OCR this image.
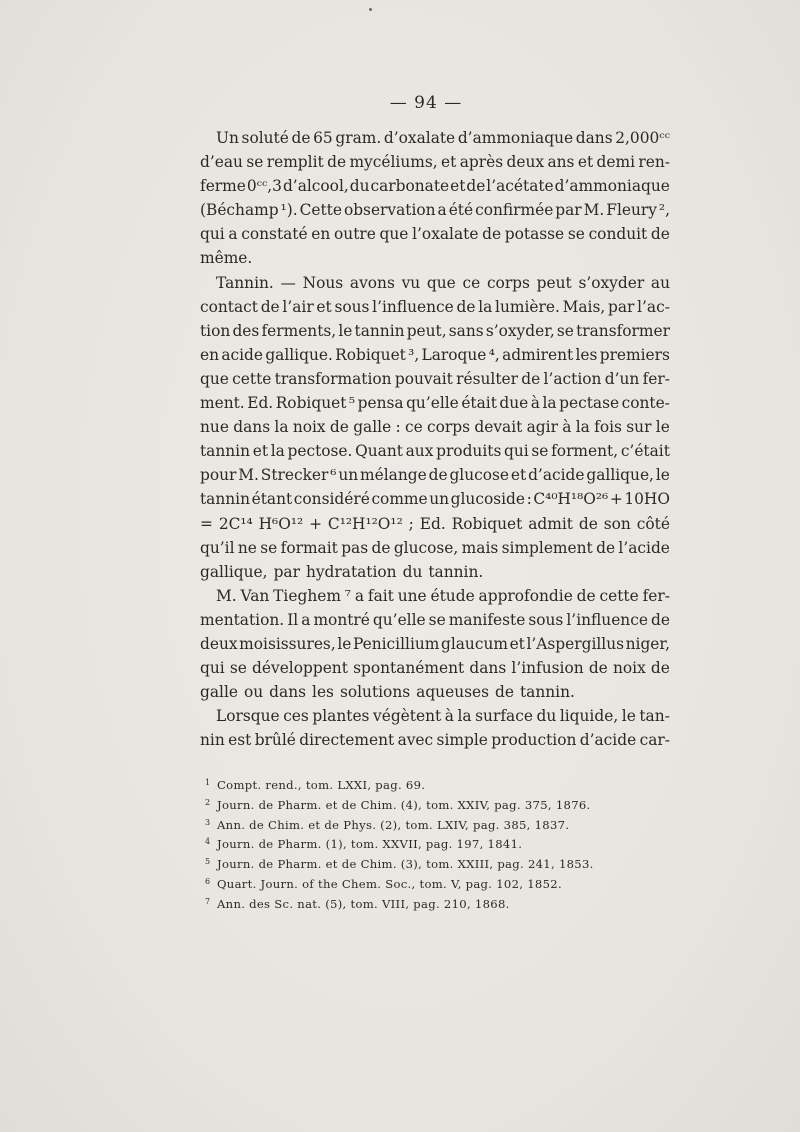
— 94 —
Un soluté de 65 gram. d’oxalate d’ammoniaque dans 2,000ᶜᶜ
d’eau se remplit de mycéliums, et après deux ans et demi ren-
ferme 0ᶜᶜ,3 d’alcool, du carbonate et de l’acétate d’ammoniaque
(Béchamp ¹). Cette observation a été confirmée par M. Fleury ²,
qui a constaté en outre que l’oxalate de potasse se conduit de
même.
Tannin. — Nous avons vu que ce corps peut s’oxyder au
contact de l’air et sous l’influence de la lumière. Mais, par l’ac-
tion des ferments, le tannin peut, sans s’oxyder, se transformer
en acide gallique. Robiquet ³, Laroque ⁴, admirent les premiers
que cette transformation pouvait résulter de l’action d’un fer-
ment. Ed. Robiquet ⁵ pensa qu’elle était due à la pectase conte-
nue dans la noix de galle : ce corps devait agir à la fois sur le
tannin et la pectose. Quant aux produits qui se forment, c’était
pour M. Strecker ⁶ un mélange de glucose et d’acide gallique, le
tannin étant considéré comme un glucoside : C⁴⁰H¹⁸O²⁶ + 10HO
= 2C¹⁴ H⁶O¹² + C¹²H¹²O¹² ; Ed. Robiquet admit de son côté
qu’il ne se formait pas de glucose, mais simplement de l’acide
gallique, par hydratation du tannin.
M. Van Tieghem ⁷ a fait une étude approfondie de cette fer-
mentation. Il a montré qu’elle se manifeste sous l’influence de
deux moisissures, le Penicillium glaucum et l’Aspergillus niger,
qui se développent spontanément dans l’infusion de noix de
galle ou dans les solutions aqueuses de tannin.
Lorsque ces plantes végètent à la surface du liquide, le tan-
nin est brûlé directement avec simple production d’acide car-
1 Compt. rend., tom. LXXI, pag. 69.
2 Journ. de Pharm. et de Chim. (4), tom. XXIV, pag. 375, 1876.
3 Ann. de Chim. et de Phys. (2), tom. LXIV, pag. 385, 1837.
4 Journ. de Pharm. (1), tom. XXVII, pag. 197, 1841.
5 Journ. de Pharm. et de Chim. (3), tom. XXIII, pag. 241, 1853.
6 Quart. Journ. of the Chem. Soc., tom. V, pag. 102, 1852.
7 Ann. des Sc. nat. (5), tom. VIII, pag. 210, 1868.
